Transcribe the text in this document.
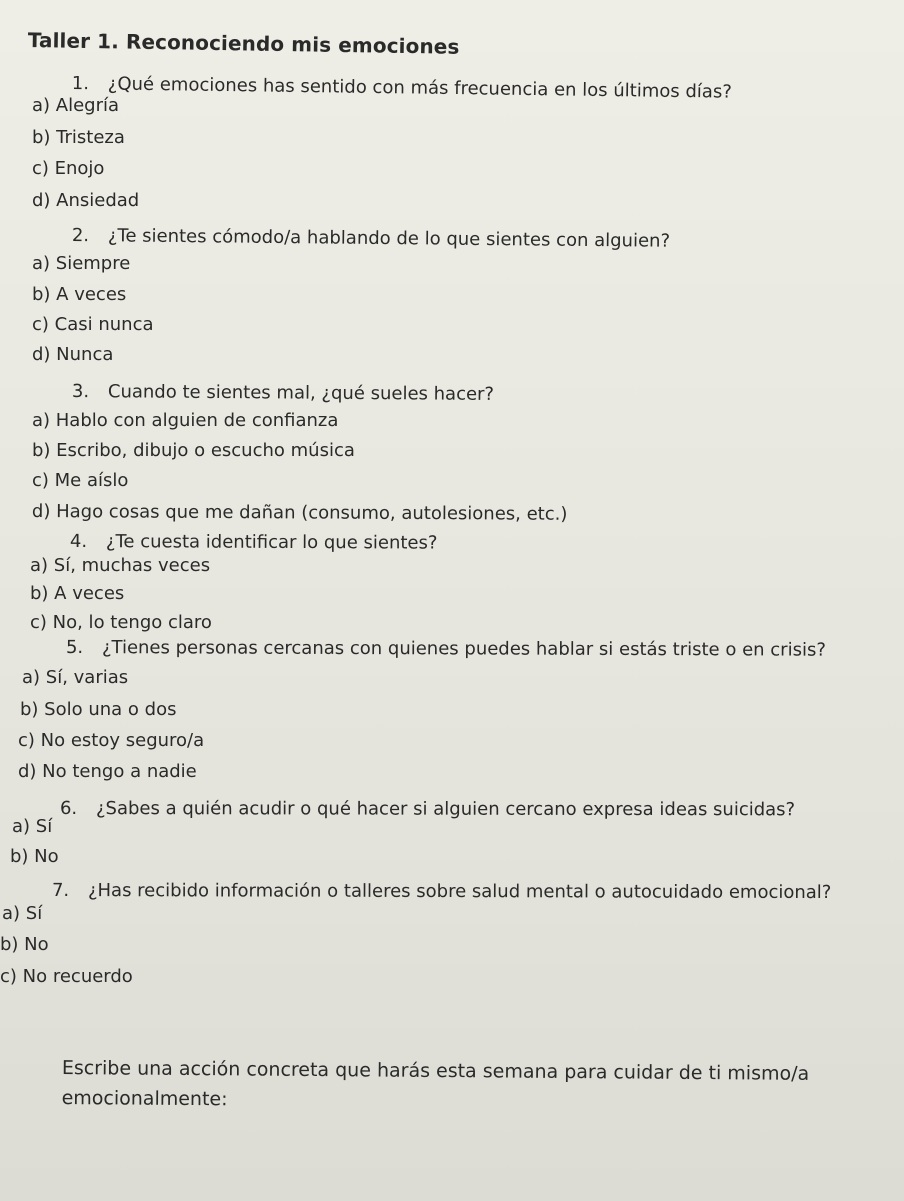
Taller 1. Reconociendo mis emociones
1. ¿Qué emociones has sentido con más frecuencia en los últimos días?
a) Alegría
b) Tristeza
c) Enojo
d) Ansiedad
2. ¿Te sientes cómodo/a hablando de lo que sientes con alguien?
a) Siempre
b) A veces
c) Casi nunca
d) Nunca
3. Cuando te sientes mal, ¿qué sueles hacer?
a) Hablo con alguien de confianza
b) Escribo, dibujo o escucho música
c) Me aíslo
d) Hago cosas que me dañan (consumo, autolesiones, etc.)
4. ¿Te cuesta identificar lo que sientes?
a) Sí, muchas veces
b) A veces
c) No, lo tengo claro
5. ¿Tienes personas cercanas con quienes puedes hablar si estás triste o en crisis?
a) Sí, varias
b) Solo una o dos
c) No estoy seguro/a
d) No tengo a nadie
6. ¿Sabes a quién acudir o qué hacer si alguien cercano expresa ideas suicidas?
a) Sí
b) No
7. ¿Has recibido información o talleres sobre salud mental o autocuidado emocional?
a) Sí
b) No
c) No recuerdo
Escribe una acción concreta que harás esta semana para cuidar de ti mismo/a emocionalmente:
